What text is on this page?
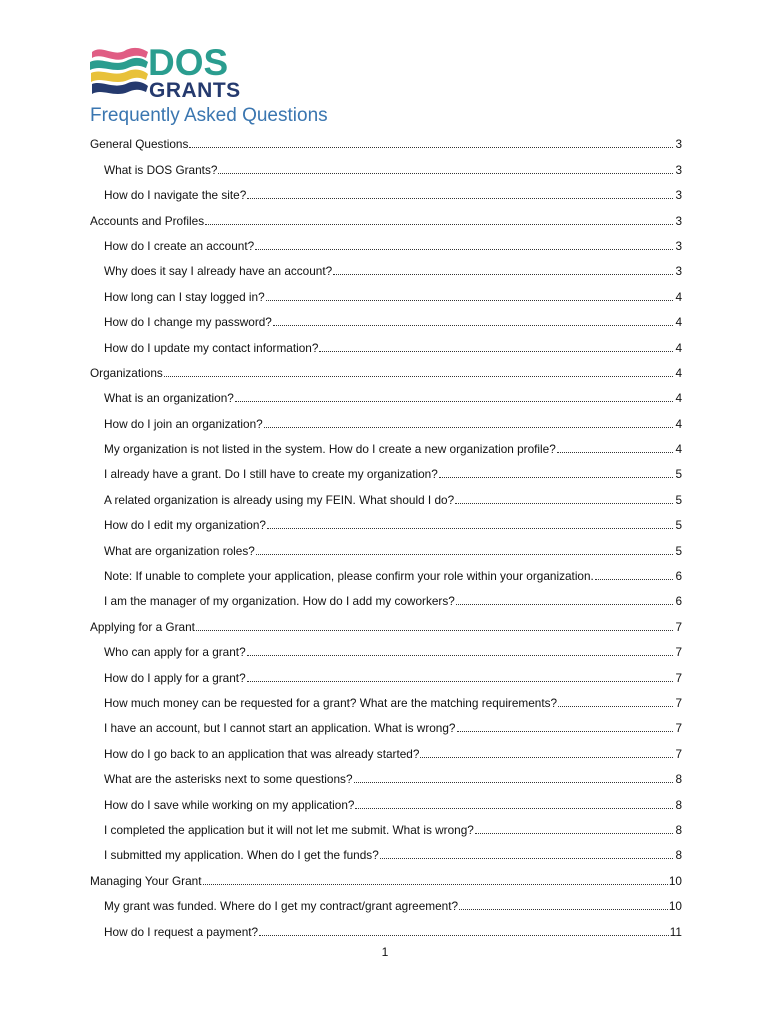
DOS
GRANTS
Frequently Asked Questions
General Questions	3
What is DOS Grants?	3
How do I navigate the site?	3
Accounts and Profiles	3
How do I create an account?	3
Why does it say I already have an account?	3
How long can I stay logged in?	4
How do I change my password?	4
How do I update my contact information?	4
Organizations	4
What is an organization?	4
How do I join an organization?	4
My organization is not listed in the system. How do I create a new organization profile?	4
I already have a grant. Do I still have to create my organization?	5
A related organization is already using my FEIN. What should I do?	5
How do I edit my organization?	5
What are organization roles?	5
Note: If unable to complete your application, please confirm your role within your organization.	6
I am the manager of my organization. How do I add my coworkers?	6
Applying for a Grant	7
Who can apply for a grant?	7
How do I apply for a grant?	7
How much money can be requested for a grant? What are the matching requirements?	7
I have an account, but I cannot start an application. What is wrong?	7
How do I go back to an application that was already started?	7
What are the asterisks next to some questions?	8
How do I save while working on my application?	8
I completed the application but it will not let me submit. What is wrong?	8
I submitted my application. When do I get the funds?	8
Managing Your Grant	10
My grant was funded. Where do I get my contract/grant agreement?	10
How do I request a payment?	11
1
